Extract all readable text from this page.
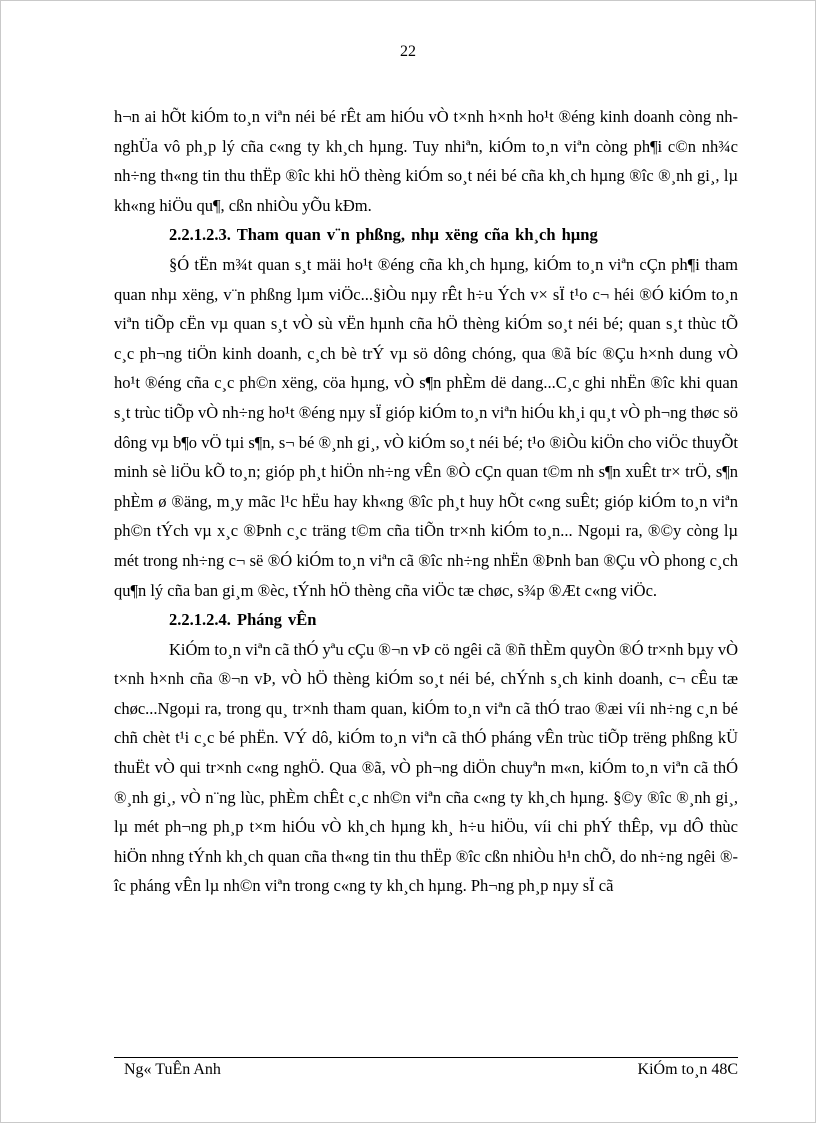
22

h¬n ai hÕt kiÓm to¸n viªn néi bé rÊt am hiÓu vÒ t×nh h×nh ho¹t ®éng kinh doanh còng nh nghÜa vô ph¸p lý cña c«ng ty kh¸ch hµng. Tuy nhiªn, kiÓm to¸n viªn còng ph¶i c©n nh¾c nh÷ng th«ng tin thu thËp ®îc khi hÖ thèng kiÓm so¸t néi bé cña kh¸ch hµng ®îc ®¸nh gi¸, lµ kh«ng hiÖu qu¶, cßn nhiÒu yÕu kÐm.

2.2.1.2.3. Tham quan v¨n phßng, nhµ xëng cña kh¸ch hµng

§Ó tËn m¾t quan s¸t mäi ho¹t ®éng cña kh¸ch hµng, kiÓm to¸n viªn cÇn ph¶i tham quan nhµ xëng, v¨n phßng lµm viÖc...§iÒu nµy rÊt h÷u Ých v× sÏ t¹o c¬ héi ®Ó kiÓm to¸n viªn tiÕp cËn vµ quan s¸t vÒ sù vËn hµnh cña hÖ thèng kiÓm so¸t néi bé; quan s¸t thùc tÕ c¸c ph¬ng tiÖn kinh doanh, c¸ch bè trÝ vµ sö dông chóng, qua ®ã bíc ®Çu h×nh dung vÒ ho¹t ®éng cña c¸c ph©n xëng, cöa hµng, vÒ s¶n phÈm dë dang...C¸c ghi nhËn ®îc khi quan s¸t trùc tiÕp vÒ nh÷ng ho¹t ®éng nµy sÏ gióp kiÓm to¸n viªn hiÓu kh¸i qu¸t vÒ ph¬ng thøc sö dông vµ b¶o vÖ tµi s¶n, s¬ bé ®¸nh gi¸, vÒ kiÓm so¸t néi bé; t¹o ®iÒu kiÖn cho viÖc thuyÕt minh sè liÖu kÕ to¸n; gióp ph¸t hiÖn nh÷ng vÊn ®Ò cÇn quan t©m nh s¶n xuÊt tr× trÖ, s¶n phÈm ø ®äng, m¸y mãc l¹c hËu hay kh«ng ®îc ph¸t huy hÕt c«ng suÊt; gióp kiÓm to¸n viªn ph©n tÝch vµ x¸c ®Þnh c¸c träng t©m cña tiÕn tr×nh kiÓm to¸n... Ngoµi ra, ®©y còng lµ mét trong nh÷ng c¬ së ®Ó kiÓm to¸n viªn cã ®îc nh÷ng nhËn ®Þnh ban ®Çu vÒ phong c¸ch qu¶n lý cña ban gi¸m ®èc, tÝnh hÖ thèng cña viÖc tæ chøc, s¾p ®Æt c«ng viÖc.

2.2.1.2.4. Pháng vÊn

KiÓm to¸n viªn cã thÓ yªu cÇu ®¬n vÞ cö ngêi cã ®ñ thÈm quyÒn ®Ó tr×nh bµy vÒ t×nh h×nh cña ®¬n vÞ, vÒ hÖ thèng kiÓm so¸t néi bé, chÝnh s¸ch kinh doanh, c¬ cÊu tæ chøc...Ngoµi ra, trong qu¸ tr×nh tham quan, kiÓm to¸n viªn cã thÓ trao ®æi víi nh÷ng c¸n bé chñ chèt t¹i c¸c bé phËn. VÝ dô, kiÓm to¸n viªn cã thÓ pháng vÊn trùc tiÕp trëng phßng kÜ thuËt vÒ qui tr×nh c«ng nghÖ. Qua ®ã, vÒ ph¬ng diÖn chuyªn m«n, kiÓm to¸n viªn cã thÓ ®¸nh gi¸, vÒ n¨ng lùc, phÈm chÊt c¸c nh©n viªn cña c«ng ty kh¸ch hµng. §©y ®îc ®¸nh gi¸, lµ mét ph¬ng ph¸p t×m hiÓu vÒ kh¸ch hµng kh¸ h÷u hiÖu, víi chi phÝ thÊp, vµ dÔ thùc hiÖn nhng tÝnh kh¸ch quan cña th«ng tin thu thËp ®îc cßn nhiÒu h¹n chÕ, do nh÷ng ngêi ®îc pháng vÊn lµ nh©n viªn trong c«ng ty kh¸ch hµng. Ph¬ng ph¸p nµy sÏ cã

Ng« TuÊn Anh	KiÓm to¸n 48C
